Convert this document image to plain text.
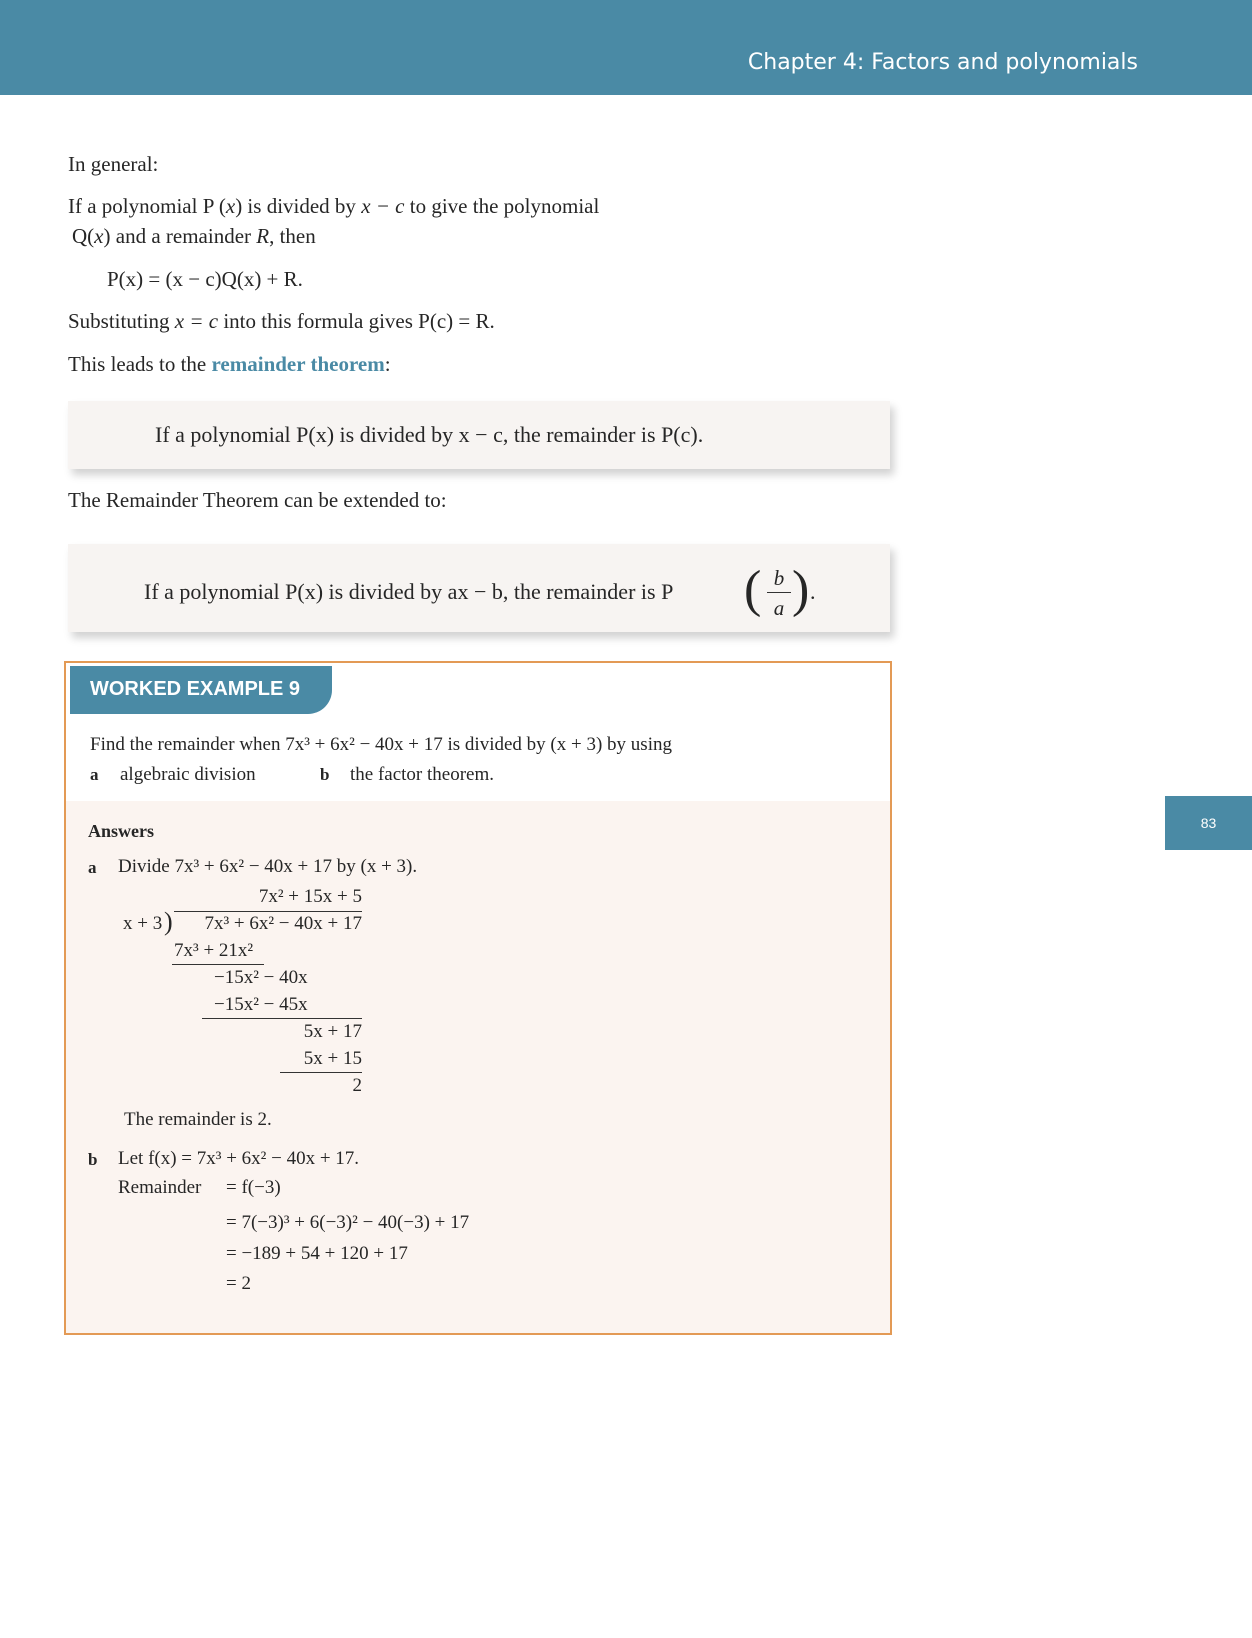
Chapter 4: Factors and polynomials
83
In general:
If a polynomial P (x) is divided by x − c to give the polynomial
Q(x) and a remainder R, then
P(x) = (x − c)Q(x) + R.
Substituting x = c into this formula gives P(c) = R.
This leads to the remainder theorem:
If a polynomial P(x) is divided by x − c, the remainder is P(c).
The Remainder Theorem can be extended to:
If a polynomial P(x) is divided by ax − b, the remainder is P ( b
a ) .
WORKED EXAMPLE 9
Find the remainder when 7x³ + 6x² − 40x + 17 is divided by (x + 3) by using
a algebraic division	b the factor theorem.
Answers
a Divide 7x³ + 6x² − 40x + 17 by (x + 3).
7x² + 15x + 5
x + 3 )	7x³ + 6x² − 40x + 17
7x³ + 21x²
−15x² − 40x
−15x² − 45x
5x + 17
5x + 15
2
The remainder is 2.
b Let f(x) = 7x³ + 6x² − 40x + 17.
Remainder = f(−3)
= 7(−3)³ + 6(−3)² − 40(−3) + 17
= −189 + 54 + 120 + 17
= 2
